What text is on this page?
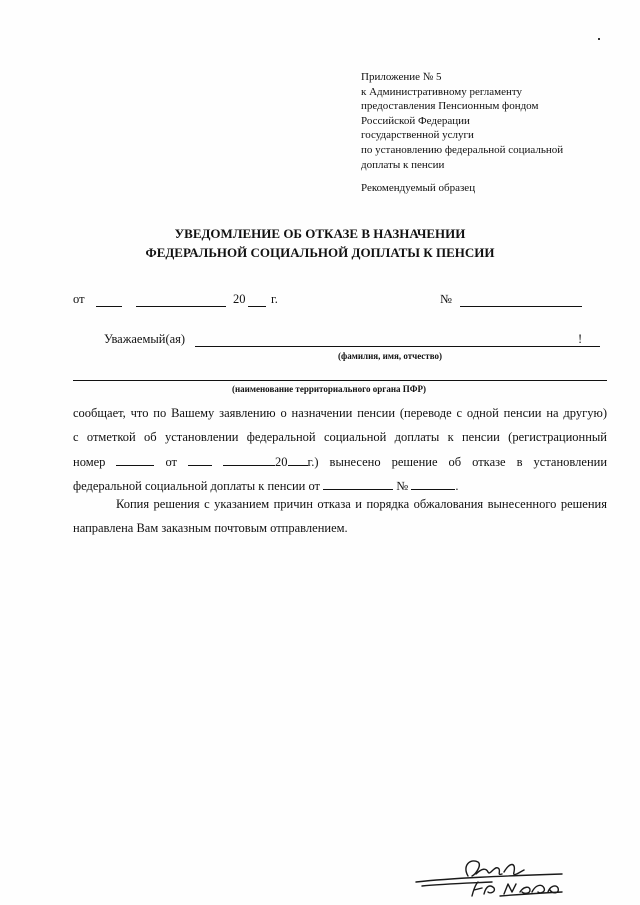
Приложение № 5
к Административному регламенту
предоставления Пенсионным фондом
Российской Федерации
государственной услуги
по установлению федеральной социальной
доплаты к пенсии
Рекомендуемый образец
УВЕДОМЛЕНИЕ ОБ ОТКАЗЕ В НАЗНАЧЕНИИ
ФЕДЕРАЛЬНОЙ СОЦИАЛЬНОЙ ДОПЛАТЫ К ПЕНСИИ
от	20 г.	№
Уважаемый(ая)	!
(фамилия, имя, отчество)
(наименование территориального органа ПФР)
сообщает, что по Вашему заявлению о назначении пенсии (переводе с одной пенсии на другую)
с отметкой об установлении федеральной социальной доплаты к пенсии (регистрационный
номер	от	20 г.) вынесено решение об отказе в установлении
федеральной социальной доплаты к пенсии от	№	.
Копия решения с указанием причин отказа и порядка обжалования вынесенного решения
направлена Вам заказным почтовым отправлением.
